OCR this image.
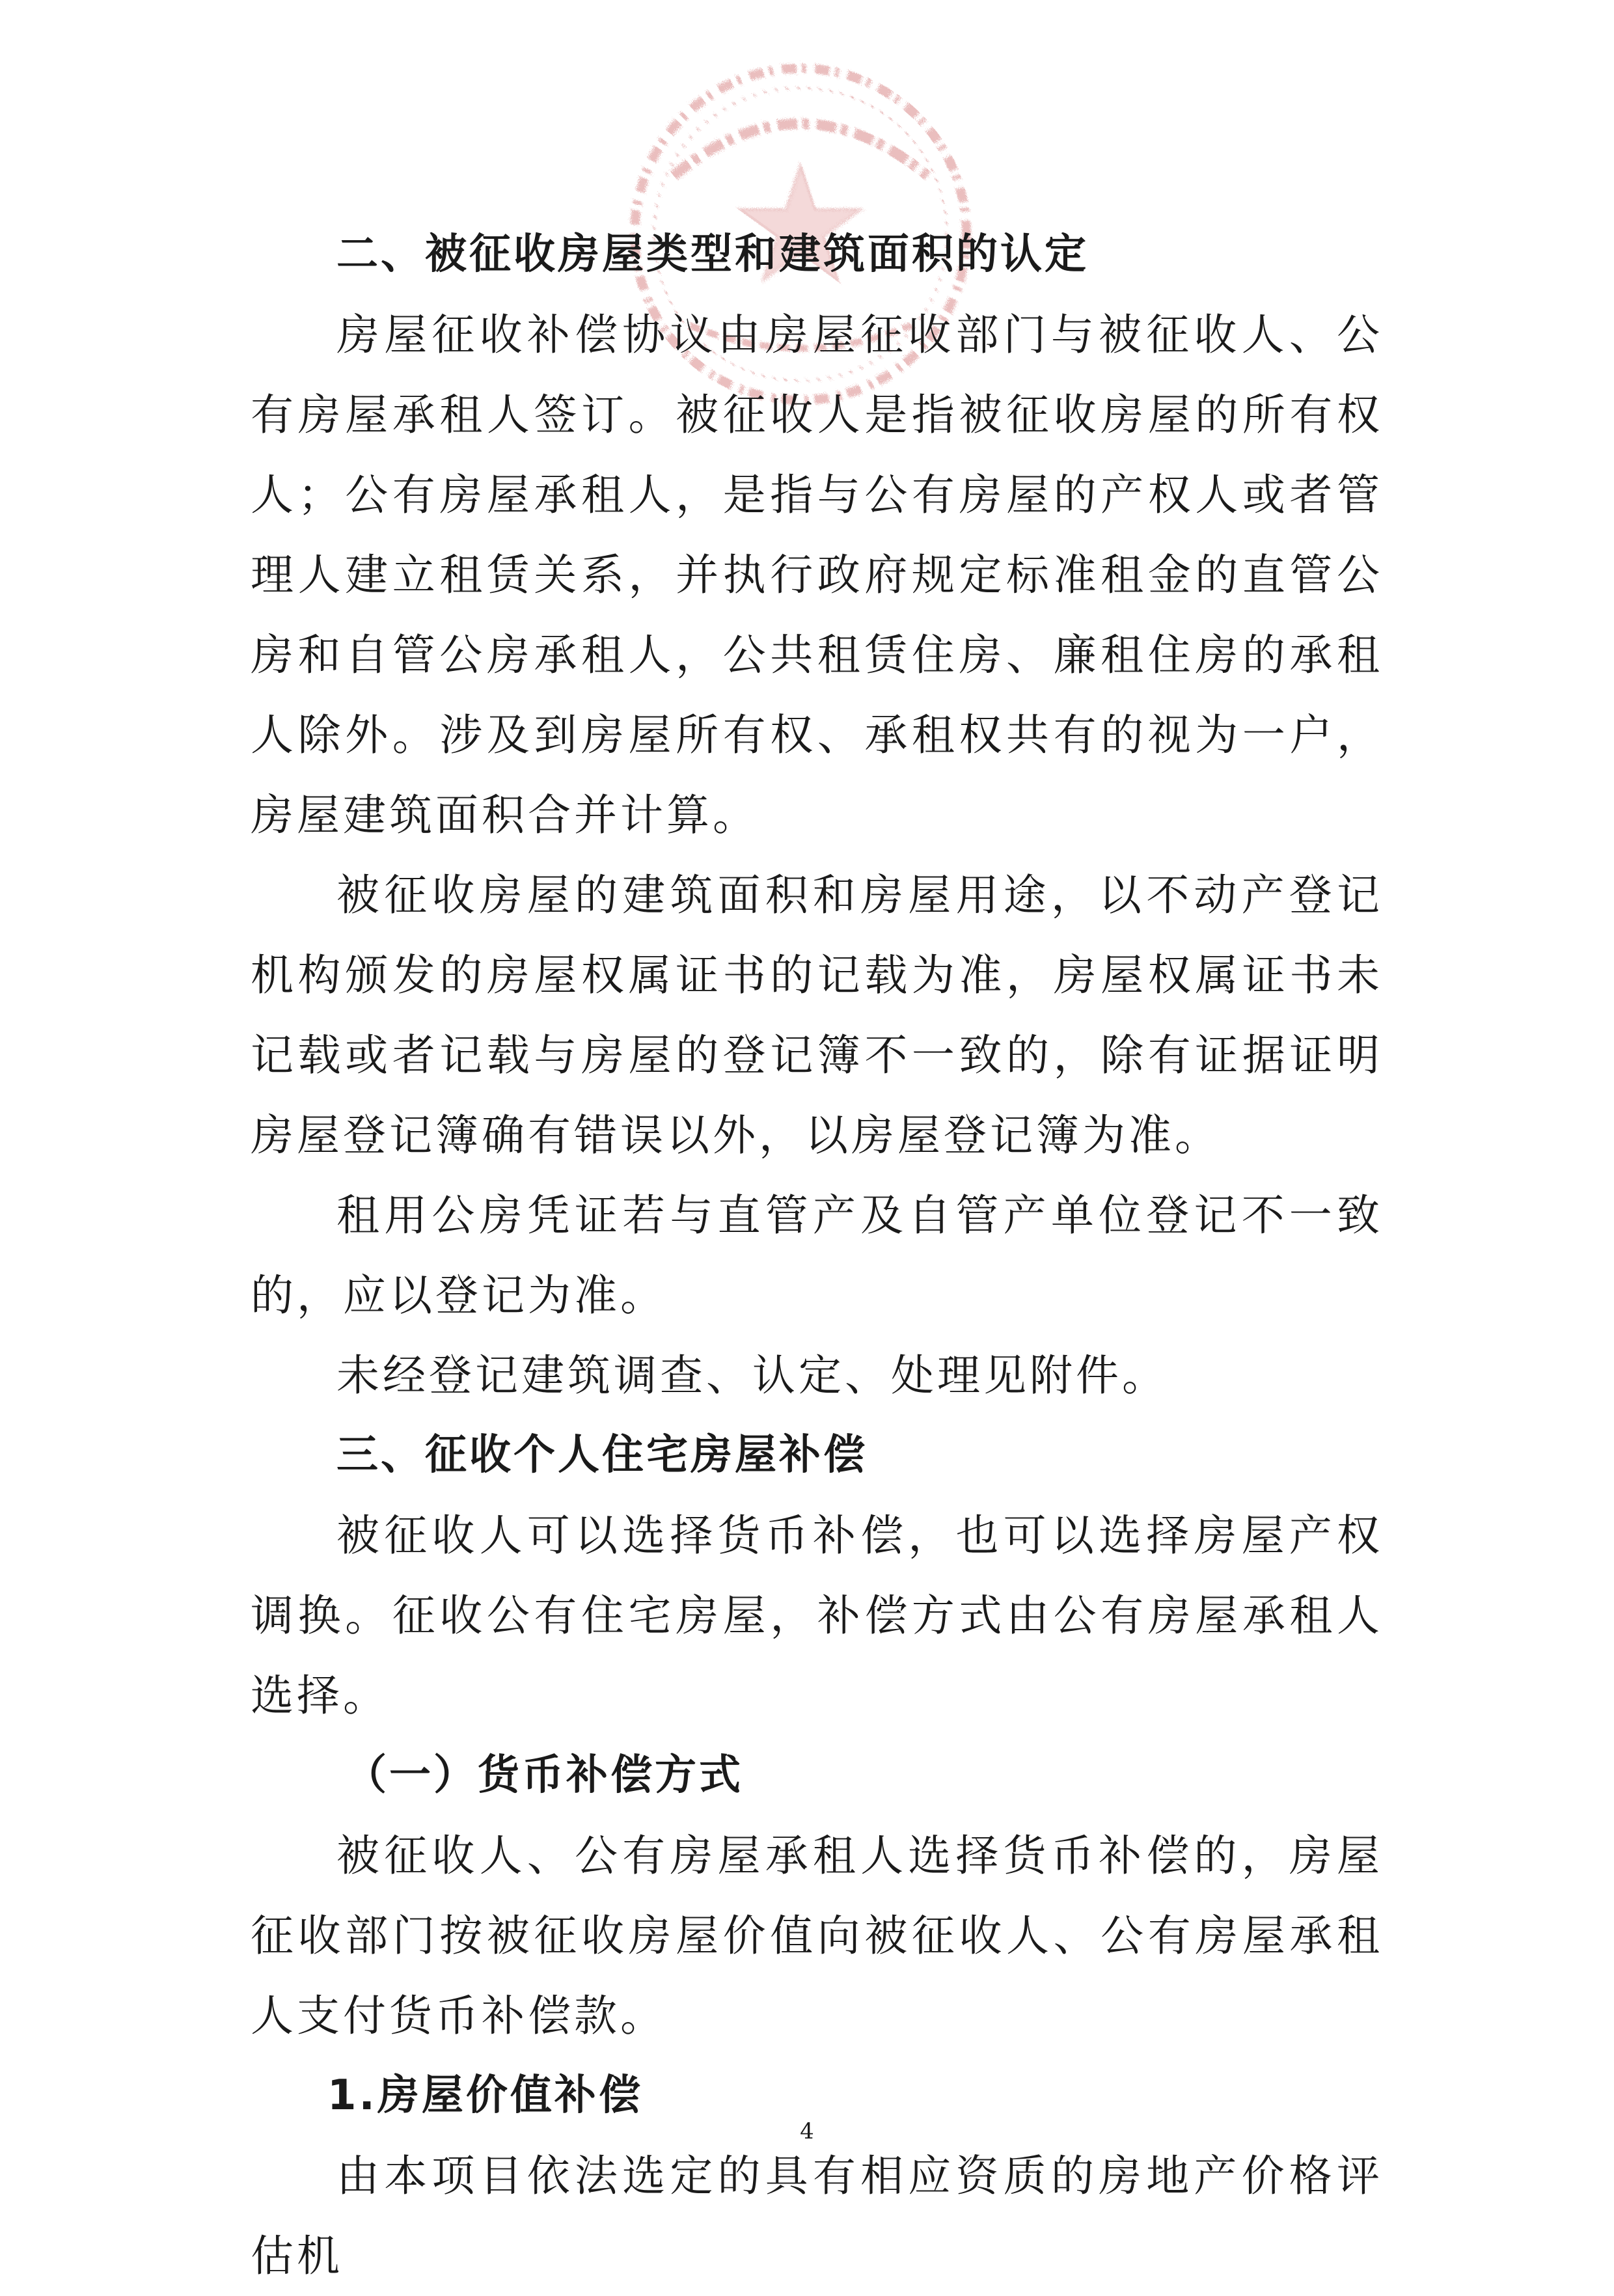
二、被征收房屋类型和建筑面积的认定

房屋征收补偿协议由房屋征收部门与被征收人、公有房屋承租人签订。被征收人是指被征收房屋的所有权人；公有房屋承租人，是指与公有房屋的产权人或者管理人建立租赁关系，并执行政府规定标准租金的直管公房和自管公房承租人，公共租赁住房、廉租住房的承租人除外。涉及到房屋所有权、承租权共有的视为一户，房屋建筑面积合并计算。

被征收房屋的建筑面积和房屋用途，以不动产登记机构颁发的房屋权属证书的记载为准，房屋权属证书未记载或者记载与房屋的登记簿不一致的，除有证据证明房屋登记簿确有错误以外，以房屋登记簿为准。

租用公房凭证若与直管产及自管产单位登记不一致的，应以登记为准。

未经登记建筑调查、认定、处理见附件。

三、征收个人住宅房屋补偿

被征收人可以选择货币补偿，也可以选择房屋产权调换。征收公有住宅房屋，补偿方式由公有房屋承租人选择。

（一）货币补偿方式

被征收人、公有房屋承租人选择货币补偿的，房屋征收部门按被征收房屋价值向被征收人、公有房屋承租人支付货币补偿款。

1.房屋价值补偿

由本项目依法选定的具有相应资质的房地产价格评估机

4
